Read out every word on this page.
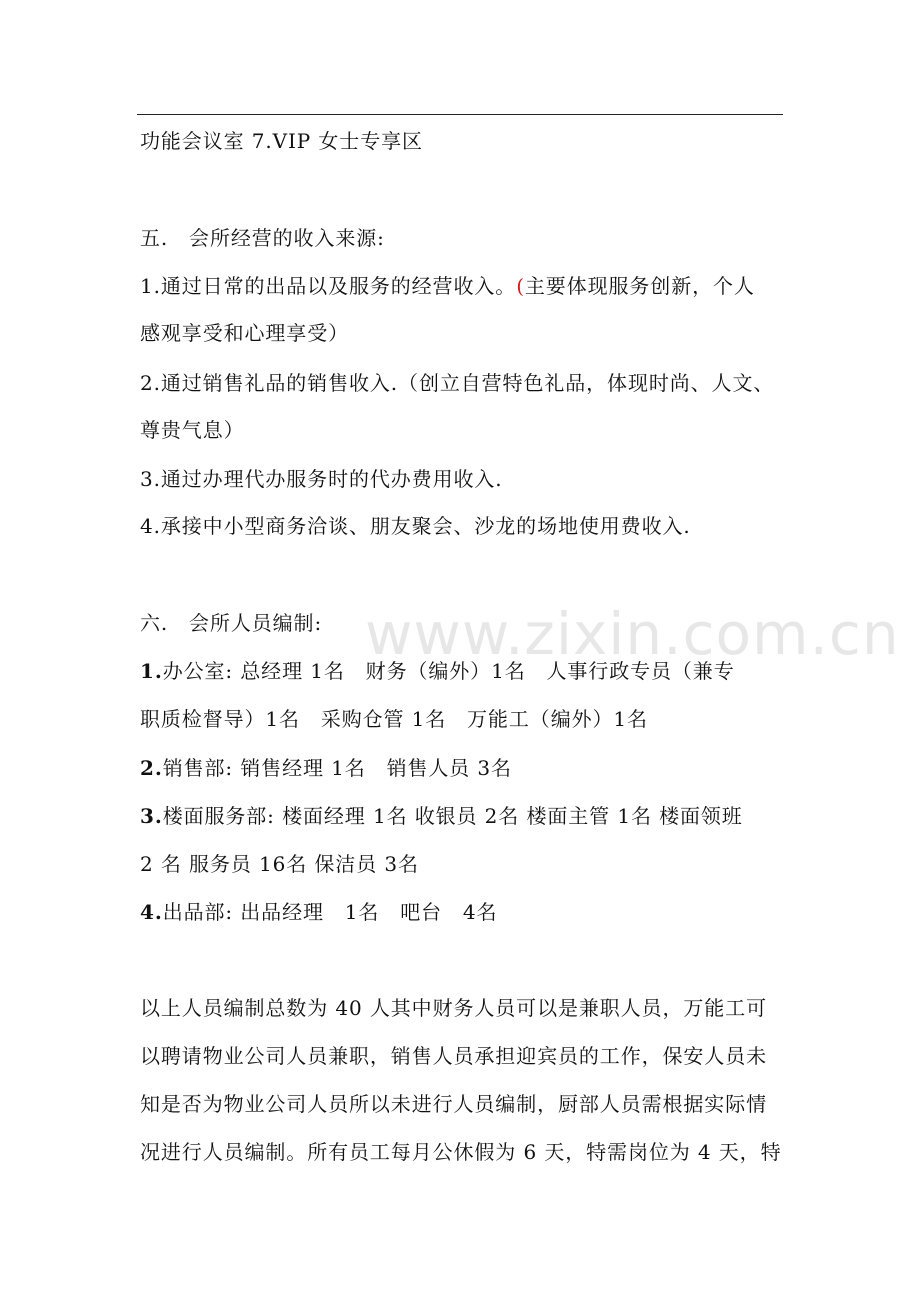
功能会议室 7.VIP 女士专享区
五.　会所经营的收入来源:
1.通过日常的出品以及服务的经营收入。(主要体现服务创新，个人
感观享受和心理享受）
2.通过销售礼品的销售收入.（创立自营特色礼品，体现时尚、人文、
尊贵气息）
3.通过办理代办服务时的代办费用收入.
4.承接中小型商务洽谈、朋友聚会、沙龙的场地使用费收入.
六.　会所人员编制:
1.办公室: 总经理 1名　财务（编外）1名　人事行政专员（兼专
职质检督导）1名　采购仓管 1名　万能工（编外）1名
2.销售部: 销售经理 1名　销售人员 3名
3.楼面服务部: 楼面经理 1名 收银员 2名 楼面主管 1名 楼面领班
2 名 服务员 16名 保洁员 3名
4.出品部: 出品经理　1名　吧台　4名
以上人员编制总数为 40 人其中财务人员可以是兼职人员，万能工可
以聘请物业公司人员兼职，销售人员承担迎宾员的工作，保安人员未
知是否为物业公司人员所以未进行人员编制，厨部人员需根据实际情
况进行人员编制。所有员工每月公休假为 6 天，特需岗位为 4 天，特
www.zixin.com.cn
